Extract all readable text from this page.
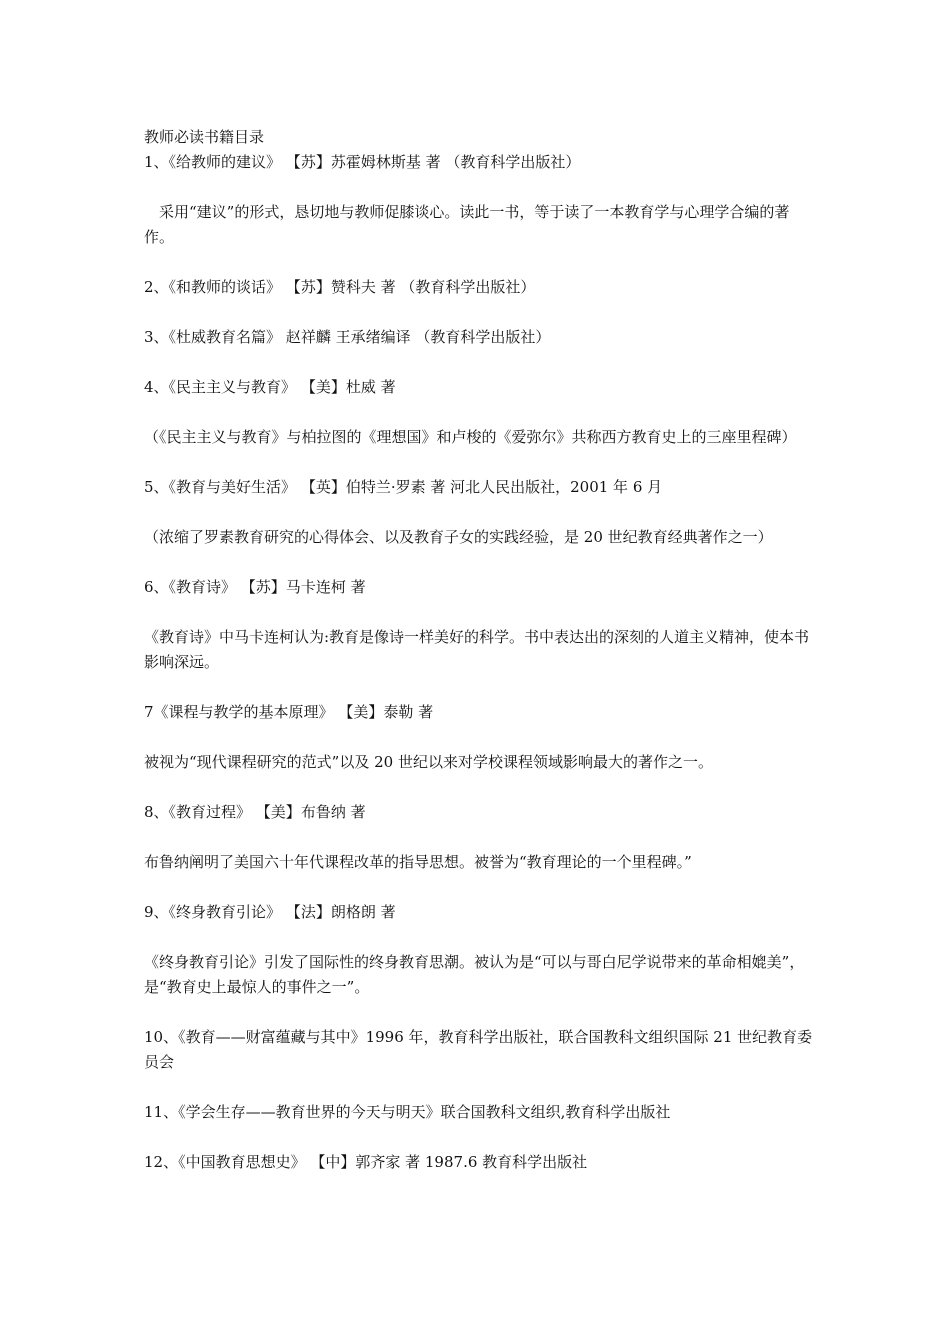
教师必读书籍目录

1、《给教师的建议》 【苏】苏霍姆林斯基 著 （教育科学出版社）

采用“建议”的形式，恳切地与教师促膝谈心。读此一书，等于读了一本教育学与心理学合编的著作。

2、《和教师的谈话》 【苏】赞科夫 著 （教育科学出版社）

3、《杜威教育名篇》 赵祥麟 王承绪编译 （教育科学出版社）

4、《民主主义与教育》 【美】杜威 著

（《民主主义与教育》与柏拉图的《理想国》和卢梭的《爱弥尔》共称西方教育史上的三座里程碑）

5、《教育与美好生活》 【英】伯特兰·罗素 著 河北人民出版社，2001 年 6 月

（浓缩了罗素教育研究的心得体会、以及教育子女的实践经验，是 20 世纪教育经典著作之一）

6、《教育诗》 【苏】马卡连柯 著

《教育诗》中马卡连柯认为:教育是像诗一样美好的科学。书中表达出的深刻的人道主义精神，使本书影响深远。

7《课程与教学的基本原理》 【美】泰勒 著

被视为“现代课程研究的范式”以及 20 世纪以来对学校课程领域影响最大的著作之一。

8、《教育过程》 【美】布鲁纳 著

布鲁纳阐明了美国六十年代课程改革的指导思想。被誉为“教育理论的一个里程碑。”

9、《终身教育引论》 【法】朗格朗 著

《终身教育引论》引发了国际性的终身教育思潮。被认为是“可以与哥白尼学说带来的革命相媲美”，是“教育史上最惊人的事件之一”。

10、《教育——财富蕴藏与其中》1996 年，教育科学出版社，联合国教科文组织国际 21 世纪教育委员会

11、《学会生存——教育世界的今天与明天》联合国教科文组织,教育科学出版社

12、《中国教育思想史》 【中】郭齐家 著 1987.6 教育科学出版社
